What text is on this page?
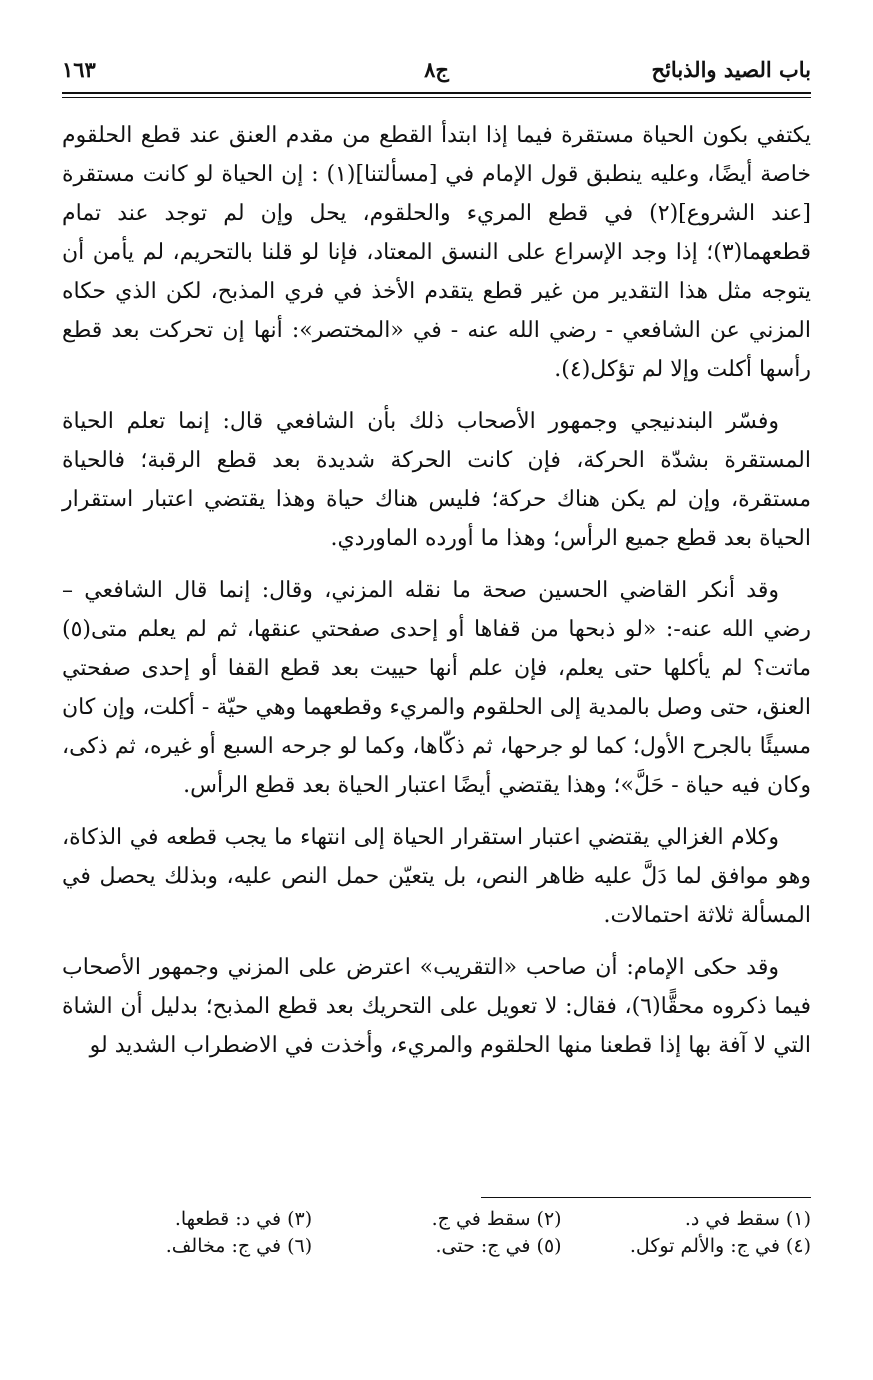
باب الصيد والذبائح
ج٨
١٦٣

يكتفي بكون الحياة مستقرة فيما إذا ابتدأ القطع من مقدم العنق عند قطع الحلقوم خاصة أيضًا، وعليه ينطبق قول الإمام في [مسألتنا](١) : إن الحياة لو كانت مستقرة [عند الشروع](٢) في قطع المريء والحلقوم، يحل وإن لم توجد عند تمام قطعهما(٣)؛ إذا وجد الإسراع على النسق المعتاد، فإنا لو قلنا بالتحريم، لم يأمن أن يتوجه مثل هذا التقدير من غير قطع يتقدم الأخذ في فري المذبح، لكن الذي حكاه المزني عن الشافعي - رضي الله عنه - في «المختصر»: أنها إن تحركت بعد قطع رأسها أكلت وإلا لم تؤكل(٤).

وفسّر البندنيجي وجمهور الأصحاب ذلك بأن الشافعي قال: إنما تعلم الحياة المستقرة بشدّة الحركة، فإن كانت الحركة شديدة بعد قطع الرقبة؛ فالحياة مستقرة، وإن لم يكن هناك حركة؛ فليس هناك حياة وهذا يقتضي اعتبار استقرار الحياة بعد قطع جميع الرأس؛ وهذا ما أورده الماوردي.

وقد أنكر القاضي الحسين صحة ما نقله المزني، وقال: إنما قال الشافعي – رضي الله عنه-: «لو ذبحها من قفاها أو إحدى صفحتي عنقها، ثم لم يعلم متى(٥) ماتت؟ لم يأكلها حتى يعلم، فإن علم أنها حييت بعد قطع القفا أو إحدى صفحتي العنق، حتى وصل بالمدية إلى الحلقوم والمريء وقطعهما وهي حيّة - أكلت، وإن كان مسيئًا بالجرح الأول؛ كما لو جرحها، ثم ذكّاها، وكما لو جرحه السبع أو غيره، ثم ذكى، وكان فيه حياة - حَلَّ»؛ وهذا يقتضي أيضًا اعتبار الحياة بعد قطع الرأس.

وكلام الغزالي يقتضي اعتبار استقرار الحياة إلى انتهاء ما يجب قطعه في الذكاة، وهو موافق لما دَلَّ عليه ظاهر النص، بل يتعيّن حمل النص عليه، وبذلك يحصل في المسألة ثلاثة احتمالات.

وقد حكى الإمام: أن صاحب «التقريب» اعترض على المزني وجمهور الأصحاب فيما ذكروه محقًّا(٦)، فقال: لا تعويل على التحريك بعد قطع المذبح؛ بدليل أن الشاة التي لا آفة بها إذا قطعنا منها الحلقوم والمريء، وأخذت في الاضطراب الشديد لو

(١) سقط في د.
(٢) سقط في ج.
(٣) في د: قطعها.
(٤) في ج: والألم توكل.
(٥) في ج: حتى.
(٦) في ج: مخالف.
